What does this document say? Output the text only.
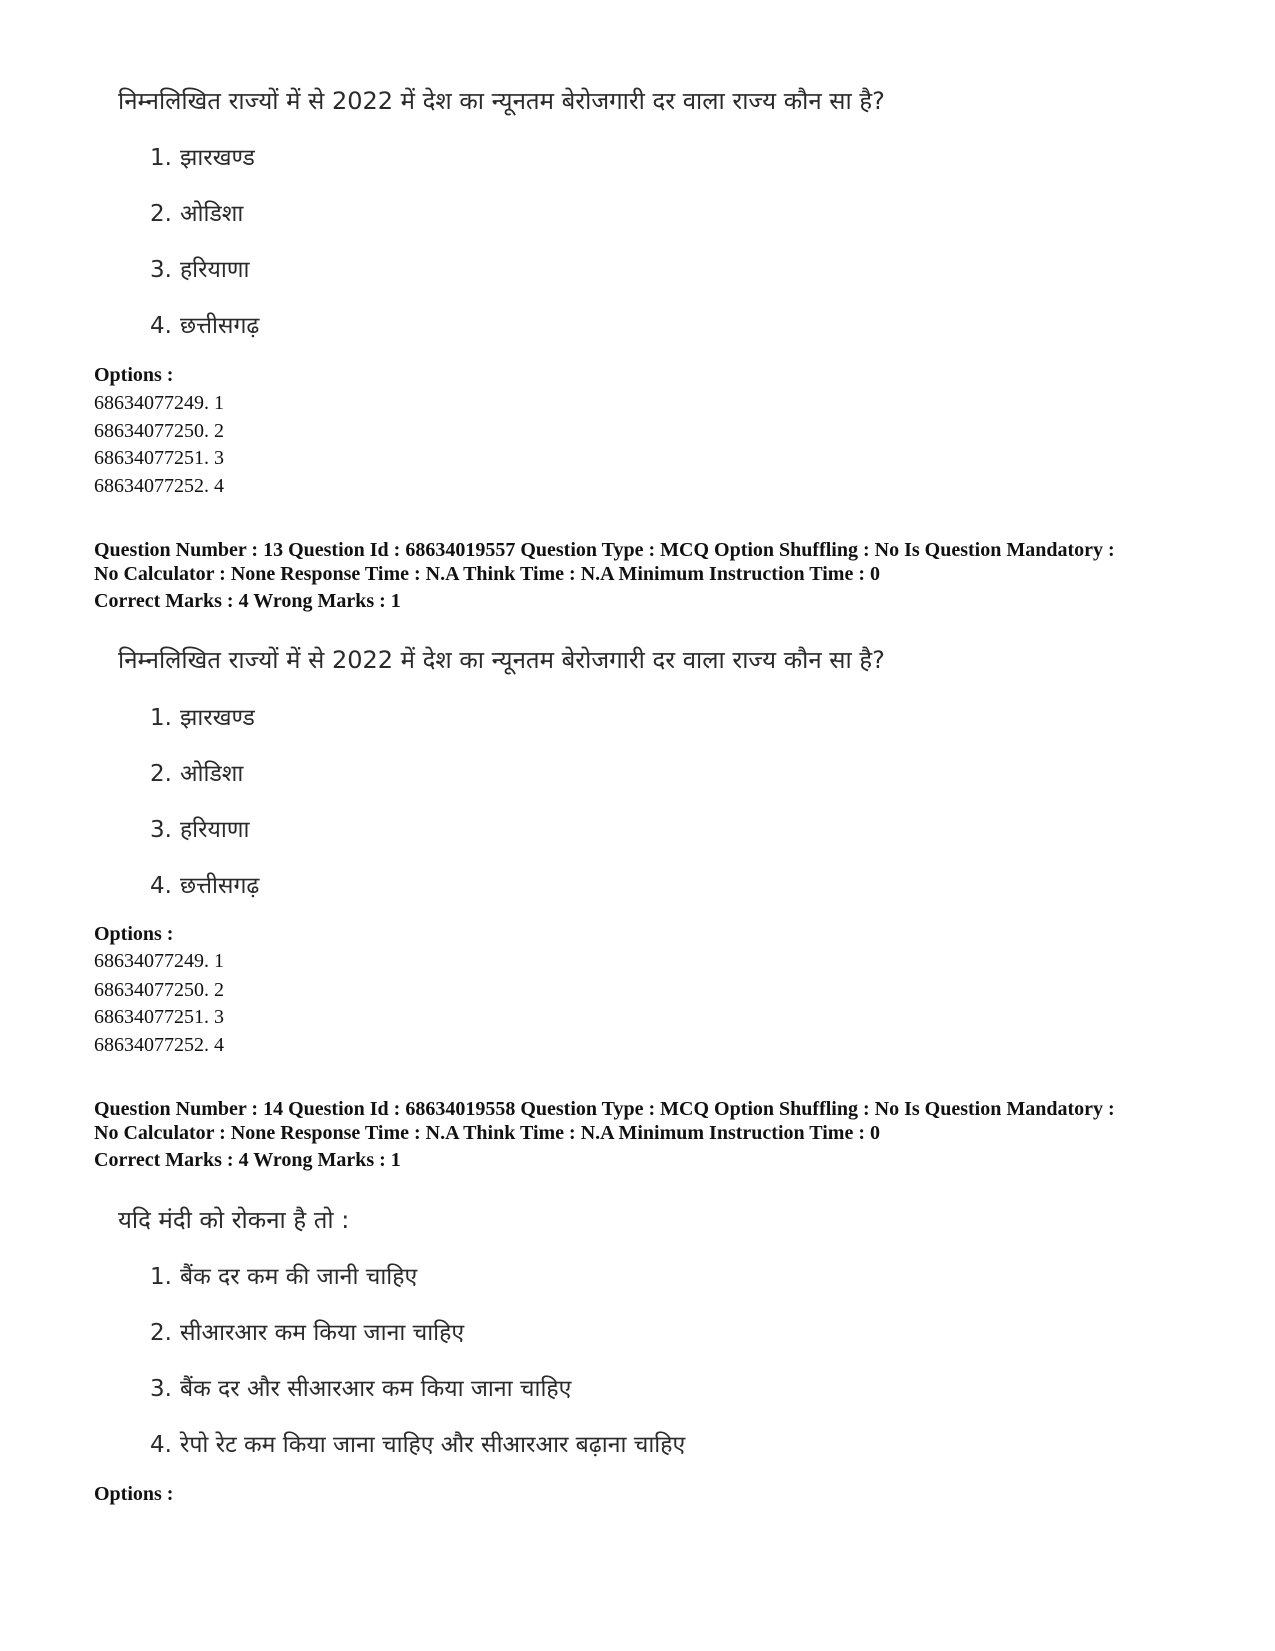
निम्नलिखित राज्यों में से 2022 में देश का न्यूनतम बेरोजगारी दर वाला राज्य कौन सा है?
1. झारखण्ड
2. ओडिशा
3. हरियाणा
4. छत्तीसगढ़
Options :
68634077249. 1
68634077250. 2
68634077251. 3
68634077252. 4
Question Number : 13 Question Id : 68634019557 Question Type : MCQ Option Shuffling : No Is Question Mandatory :
No Calculator : None Response Time : N.A Think Time : N.A Minimum Instruction Time : 0
Correct Marks : 4 Wrong Marks : 1
निम्नलिखित राज्यों में से 2022 में देश का न्यूनतम बेरोजगारी दर वाला राज्य कौन सा है?
1. झारखण्ड
2. ओडिशा
3. हरियाणा
4. छत्तीसगढ़
Options :
68634077249. 1
68634077250. 2
68634077251. 3
68634077252. 4
Question Number : 14 Question Id : 68634019558 Question Type : MCQ Option Shuffling : No Is Question Mandatory :
No Calculator : None Response Time : N.A Think Time : N.A Minimum Instruction Time : 0
Correct Marks : 4 Wrong Marks : 1
यदि मंदी को रोकना है तो :
1. बैंक दर कम की जानी चाहिए
2. सीआरआर कम किया जाना चाहिए
3. बैंक दर और सीआरआर कम किया जाना चाहिए
4. रेपो रेट कम किया जाना चाहिए और सीआरआर बढ़ाना चाहिए
Options :
